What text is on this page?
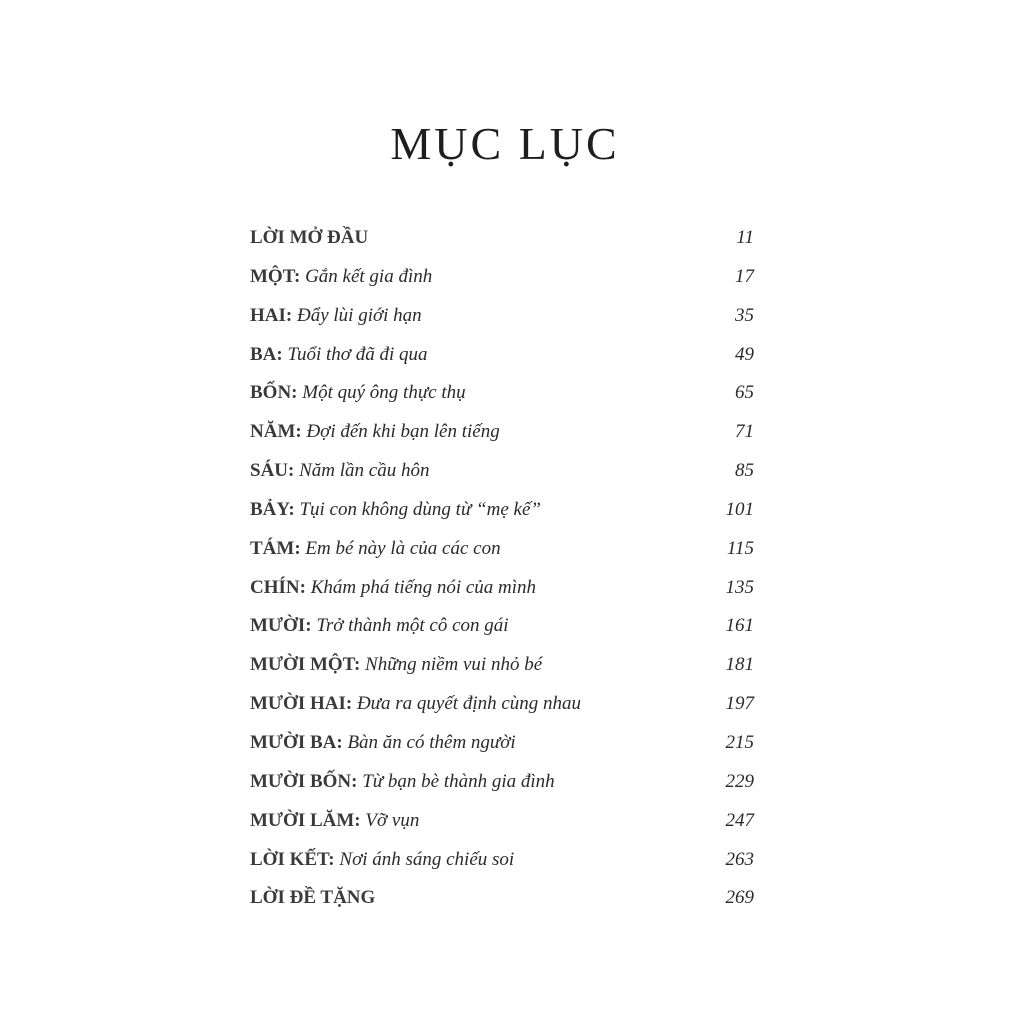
MỤC LỤC
LỜI MỞ ĐẦU	11
MỘT: Gắn kết gia đình	17
HAI: Đẩy lùi giới hạn	35
BA: Tuổi thơ đã đi qua	49
BỐN: Một quý ông thực thụ	65
NĂM: Đợi đến khi bạn lên tiếng	71
SÁU: Năm lần cầu hôn	85
BẢY: Tụi con không dùng từ “mẹ kế”	101
TÁM: Em bé này là của các con	115
CHÍN: Khám phá tiếng nói của mình	135
MƯỜI: Trở thành một cô con gái	161
MƯỜI MỘT: Những niềm vui nhỏ bé	181
MƯỜI HAI: Đưa ra quyết định cùng nhau	197
MƯỜI BA: Bàn ăn có thêm người	215
MƯỜI BỐN: Từ bạn bè thành gia đình	229
MƯỜI LĂM: Vỡ vụn	247
LỜI KẾT: Nơi ánh sáng chiếu soi	263
LỜI ĐỀ TẶNG	269
